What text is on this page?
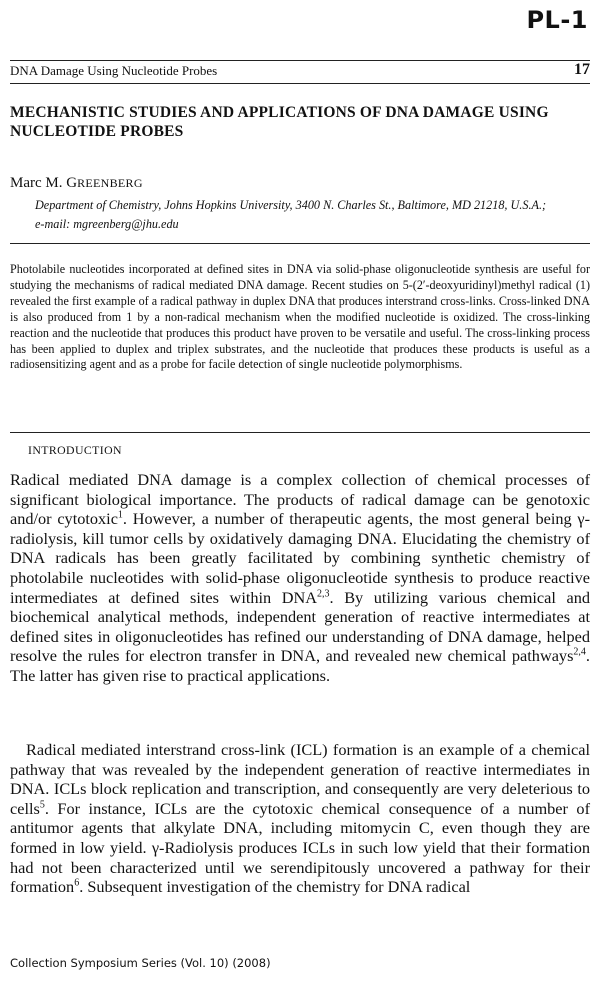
PL-1
DNA Damage Using Nucleotide Probes	17
MECHANISTIC STUDIES AND APPLICATIONS OF DNA DAMAGE USING NUCLEOTIDE PROBES
Marc M. GREENBERG
Department of Chemistry, Johns Hopkins University, 3400 N. Charles St., Baltimore, MD 21218, U.S.A.; e-mail: mgreenberg@jhu.edu

Photolabile nucleotides incorporated at defined sites in DNA via solid-phase oligonucleotide synthesis are useful for studying the mechanisms of radical mediated DNA damage. Recent studies on 5-(2′-deoxyuridinyl)methyl radical (1) revealed the first example of a radical pathway in duplex DNA that produces interstrand cross-links. Cross-linked DNA is also produced from 1 by a non-radical mechanism when the modified nucleotide is oxidized. The cross-linking reaction and the nucleotide that produces this product have proven to be versatile and useful. The cross-linking process has been applied to duplex and triplex substrates, and the nucleotide that produces these products is useful as a radiosensitizing agent and as a probe for facile detection of single nucleotide polymorphisms.

INTRODUCTION

Radical mediated DNA damage is a complex collection of chemical processes of significant biological importance. The products of radical damage can be genotoxic and/or cytotoxic$^1$. However, a number of therapeutic agents, the most general being γ-radiolysis, kill tumor cells by oxidatively damaging DNA. Elucidating the chemistry of DNA radicals has been greatly facilitated by combining synthetic chemistry of photolabile nucleotides with solid-phase oligonucleotide synthesis to produce reactive intermediates at defined sites within DNA$^{2,3}$. By utilizing various chemical and biochemical analytical methods, independent generation of reactive intermediates at defined sites in oligonucleotides has refined our understanding of DNA damage, helped resolve the rules for electron transfer in DNA, and revealed new chemical pathways$^{2,4}$. The latter has given rise to practical applications.

Radical mediated interstrand cross-link (ICL) formation is an example of a chemical pathway that was revealed by the independent generation of reactive intermediates in DNA. ICLs block replication and transcription, and consequently are very deleterious to cells$^5$. For instance, ICLs are the cytotoxic chemical consequence of a number of antitumor agents that alkylate DNA, including mitomycin C, even though they are formed in low yield. γ-Radiolysis produces ICLs in such low yield that their formation had not been characterized until we serendipitously uncovered a pathway for their formation$^6$. Subsequent investigation of the chemistry for DNA radical

Collection Symposium Series (Vol. 10) (2008)
